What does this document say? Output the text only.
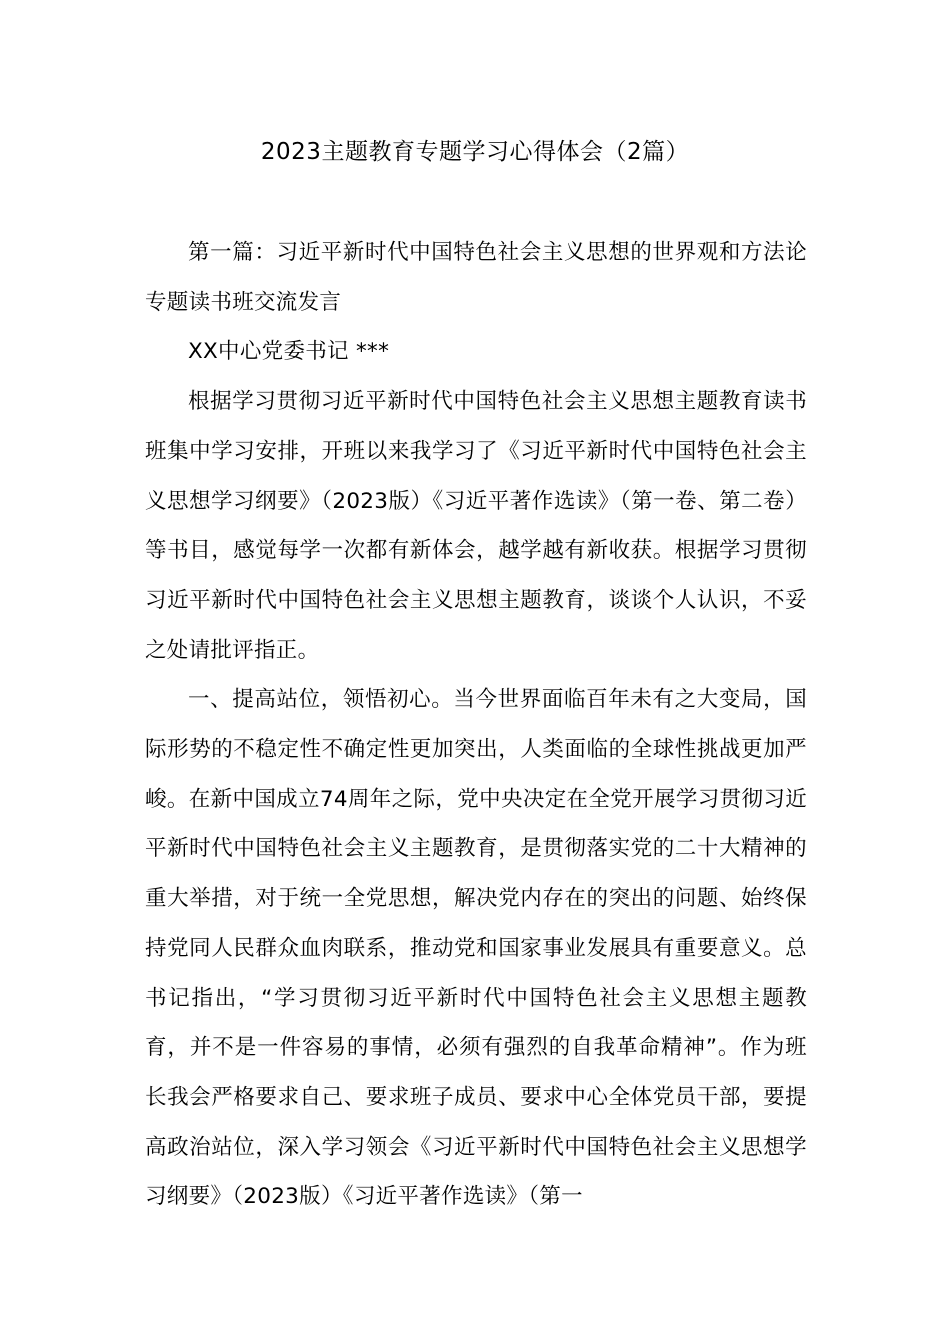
2023主题教育专题学习心得体会（2篇）

第一篇：习近平新时代中国特色社会主义思想的世界观和方法论专题读书班交流发言

XX中心党委书记 ***

根据学习贯彻习近平新时代中国特色社会主义思想主题教育读书班集中学习安排，开班以来我学习了《习近平新时代中国特色社会主义思想学习纲要》（2023版）《习近平著作选读》（第一卷、第二卷）等书目，感觉每学一次都有新体会，越学越有新收获。根据学习贯彻习近平新时代中国特色社会主义思想主题教育，谈谈个人认识，不妥之处请批评指正。

一、提高站位，领悟初心。当今世界面临百年未有之大变局，国际形势的不稳定性不确定性更加突出，人类面临的全球性挑战更加严峻。在新中国成立74周年之际，党中央决定在全党开展学习贯彻习近平新时代中国特色社会主义主题教育，是贯彻落实党的二十大精神的重大举措，对于统一全党思想，解决党内存在的突出的问题、始终保持党同人民群众血肉联系，推动党和国家事业发展具有重要意义。总书记指出，“学习贯彻习近平新时代中国特色社会主义思想主题教育，并不是一件容易的事情，必须有强烈的自我革命精神”。作为班长我会严格要求自己、要求班子成员、要求中心全体党员干部，要提高政治站位，深入学习领会《习近平新时代中国特色社会主义思想学习纲要》（2023版）《习近平著作选读》（第一
